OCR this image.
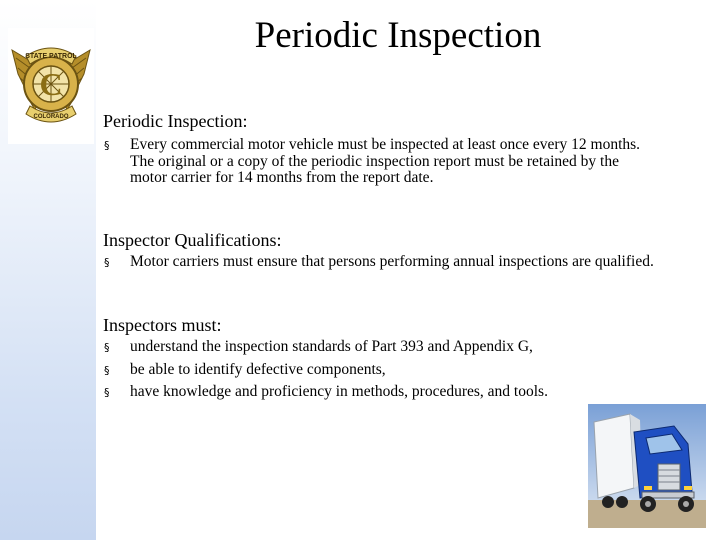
C
STATE PATROL
COLORADO
Periodic Inspection
Periodic Inspection:
§ Every commercial motor vehicle must be inspected at least once every 12 months. The original or a copy of the periodic inspection report must be retained by the motor carrier for 14 months from the report date.
Inspector Qualifications:
§ Motor carriers must ensure that persons performing annual inspections are qualified.
Inspectors must:
§ understand the inspection standards of Part 393 and Appendix G,
§ be able to identify defective components,
§ have knowledge and proficiency in methods, procedures, and tools.
